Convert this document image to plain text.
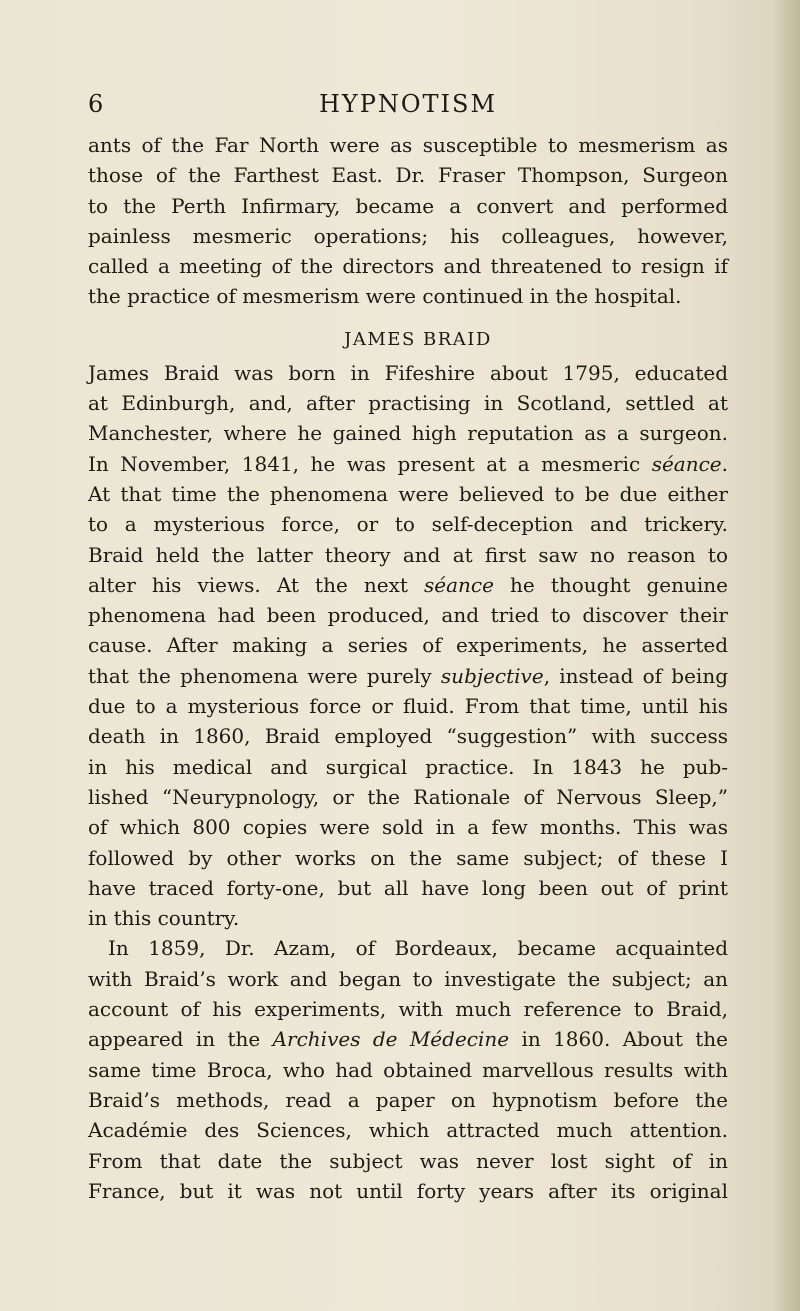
6	HYPNOTISM
ants of the Far North were as susceptible to mesmerism as
those of the Farthest East. Dr. Fraser Thompson, Surgeon
to the Perth Infirmary, became a convert and performed
painless mesmeric operations; his colleagues, however,
called a meeting of the directors and threatened to resign if
the practice of mesmerism were continued in the hospital.
JAMES BRAID
James Braid was born in Fifeshire about 1795, educated
at Edinburgh, and, after practising in Scotland, settled at
Manchester, where he gained high reputation as a surgeon.
In November, 1841, he was present at a mesmeric séance.
At that time the phenomena were believed to be due either
to a mysterious force, or to self-deception and trickery.
Braid held the latter theory and at first saw no reason to
alter his views. At the next séance he thought genuine
phenomena had been produced, and tried to discover their
cause. After making a series of experiments, he asserted
that the phenomena were purely subjective, instead of being
due to a mysterious force or fluid. From that time, until his
death in 1860, Braid employed “suggestion” with success
in his medical and surgical practice. In 1843 he pub-
lished “Neurypnology, or the Rationale of Nervous Sleep,”
of which 800 copies were sold in a few months. This was
followed by other works on the same subject; of these I
have traced forty-one, but all have long been out of print
in this country.
 In 1859, Dr. Azam, of Bordeaux, became acquainted
with Braid’s work and began to investigate the subject; an
account of his experiments, with much reference to Braid,
appeared in the Archives de Médecine in 1860. About the
same time Broca, who had obtained marvellous results with
Braid’s methods, read a paper on hypnotism before the
Académie des Sciences, which attracted much attention.
From that date the subject was never lost sight of in
France, but it was not until forty years after its original
